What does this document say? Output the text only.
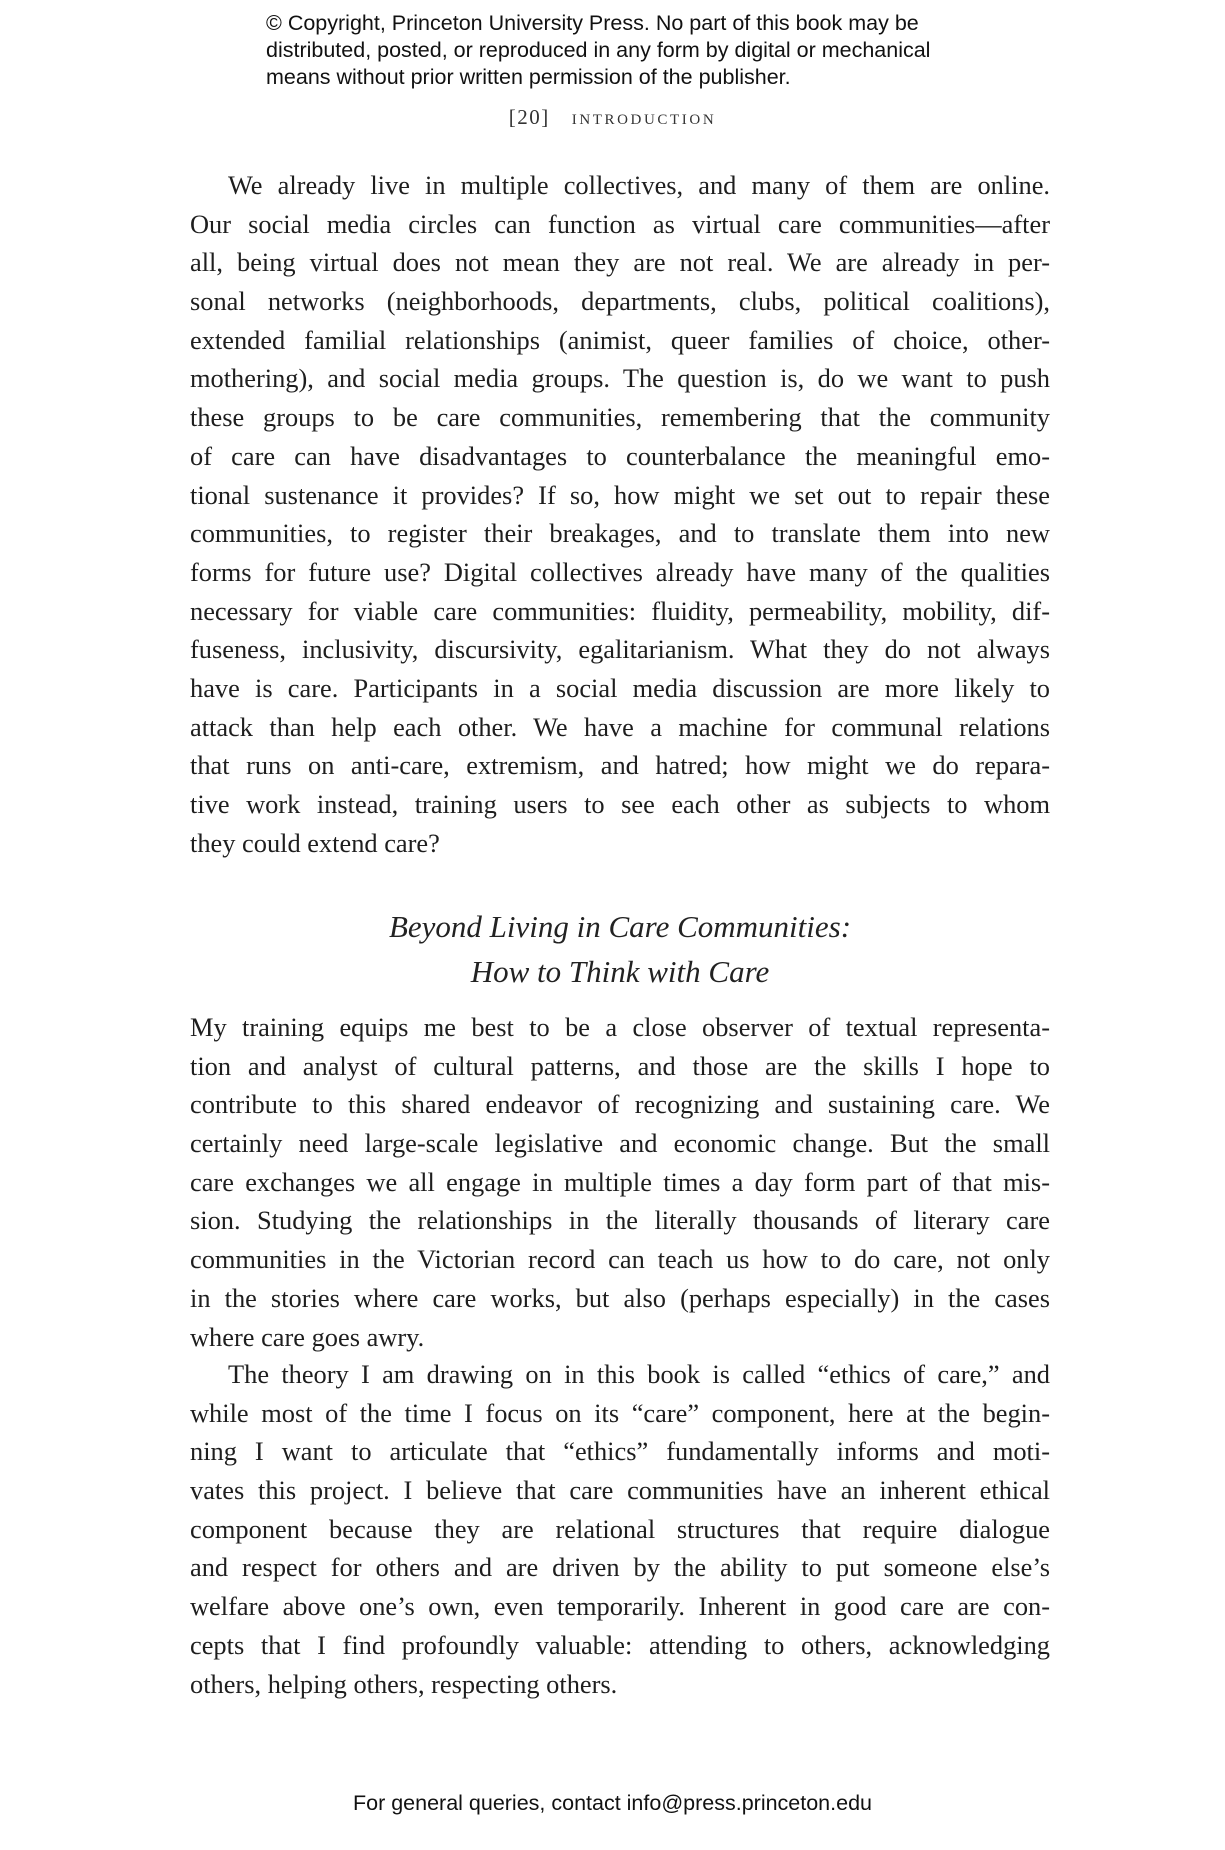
© Copyright, Princeton University Press. No part of this book may be
distributed, posted, or reproduced in any form by digital or mechanical
means without prior written permission of the publisher.
[20] introduction
We already live in multiple collectives, and many of them are online.
Our social media circles can function as virtual care communities—after
all, being virtual does not mean they are not real. We are already in per-
sonal networks (neighborhoods, departments, clubs, political coalitions),
extended familial relationships (animist, queer families of choice, other-
mothering), and social media groups. The question is, do we want to push
these groups to be care communities, remembering that the community
of care can have disadvantages to counterbalance the meaningful emo-
tional sustenance it provides? If so, how might we set out to repair these
communities, to register their breakages, and to translate them into new
forms for future use? Digital collectives already have many of the qualities
necessary for viable care communities: fluidity, permeability, mobility, dif-
fuseness, inclusivity, discursivity, egalitarianism. What they do not always
have is care. Participants in a social media discussion are more likely to
attack than help each other. We have a machine for communal relations
that runs on anti-care, extremism, and hatred; how might we do repara-
tive work instead, training users to see each other as subjects to whom
they could extend care?
Beyond Living in Care Communities:
How to Think with Care
My training equips me best to be a close observer of textual representa-
tion and analyst of cultural patterns, and those are the skills I hope to
contribute to this shared endeavor of recognizing and sustaining care. We
certainly need large-scale legislative and economic change. But the small
care exchanges we all engage in multiple times a day form part of that mis-
sion. Studying the relationships in the literally thousands of literary care
communities in the Victorian record can teach us how to do care, not only
in the stories where care works, but also (perhaps especially) in the cases
where care goes awry.
The theory I am drawing on in this book is called “ethics of care,” and
while most of the time I focus on its “care” component, here at the begin-
ning I want to articulate that “ethics” fundamentally informs and moti-
vates this project. I believe that care communities have an inherent ethical
component because they are relational structures that require dialogue
and respect for others and are driven by the ability to put someone else’s
welfare above one’s own, even temporarily. Inherent in good care are con-
cepts that I find profoundly valuable: attending to others, acknowledging
others, helping others, respecting others.
For general queries, contact info@press.princeton.edu
